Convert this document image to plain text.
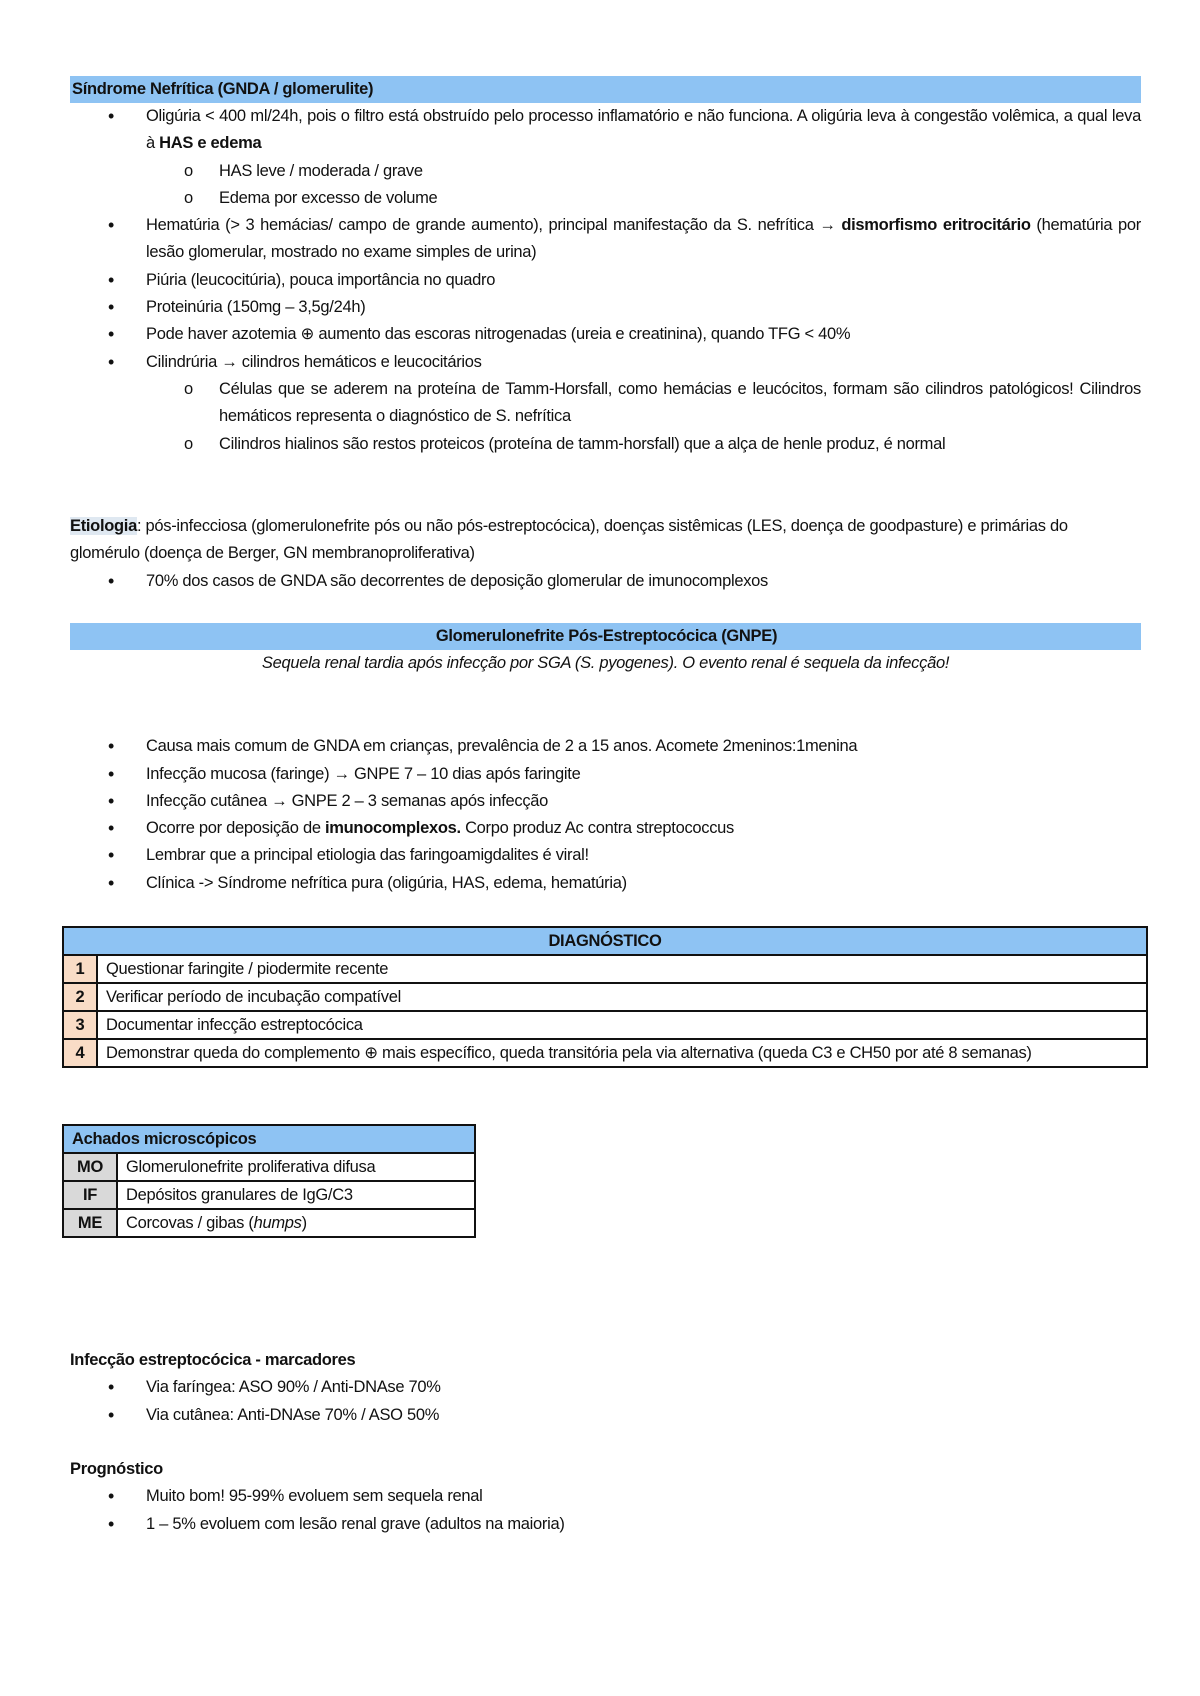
Síndrome Nefrítica (GNDA / glomerulite)
• Oligúria < 400 ml/24h, pois o filtro está obstruído pelo processo inflamatório e não funciona. A oligúria leva à congestão volêmica, a qual leva à HAS e edema
o HAS leve / moderada / grave
o Edema por excesso de volume
• Hematúria (> 3 hemácias/ campo de grande aumento), principal manifestação da S. nefrítica → dismorfismo eritrocitário (hematúria por lesão glomerular, mostrado no exame simples de urina)
• Piúria (leucocitúria), pouca importância no quadro
• Proteinúria (150mg – 3,5g/24h)
• Pode haver azotemia ⊕ aumento das escoras nitrogenadas (ureia e creatinina), quando TFG < 40%
• Cilindrúria → cilindros hemáticos e leucocitários
o Células que se aderem na proteína de Tamm-Horsfall, como hemácias e leucócitos, formam são cilindros patológicos! Cilindros hemáticos representa o diagnóstico de S. nefrítica
o Cilindros hialinos são restos proteicos (proteína de tamm-horsfall) que a alça de henle produz, é normal
Etiologia: pós-infecciosa (glomerulonefrite pós ou não pós-estreptocócica), doenças sistêmicas (LES, doença de goodpasture) e primárias do glomérulo (doença de Berger, GN membranoproliferativa)
• 70% dos casos de GNDA são decorrentes de deposição glomerular de imunocomplexos
Glomerulonefrite Pós-Estreptocócica (GNPE)
Sequela renal tardia após infecção por SGA (S. pyogenes). O evento renal é sequela da infecção!
• Causa mais comum de GNDA em crianças, prevalência de 2 a 15 anos. Acomete 2meninos:1menina
• Infecção mucosa (faringe) → GNPE 7 – 10 dias após faringite
• Infecção cutânea → GNPE 2 – 3 semanas após infecção
• Ocorre por deposição de imunocomplexos. Corpo produz Ac contra streptococcus
• Lembrar que a principal etiologia das faringoamigdalites é viral!
• Clínica -> Síndrome nefrítica pura (oligúria, HAS, edema, hematúria)
DIAGNÓSTICO	
1	Questionar faringite / piodermite recente
2	Verificar período de incubação compatível
3	Documentar infecção estreptocócica
4	Demonstrar queda do complemento ⊕ mais específico, queda transitória pela via alternativa (queda C3 e CH50 por até 8 semanas)
Achados microscópicos	
MO	Glomerulonefrite proliferativa difusa
IF	Depósitos granulares de IgG/C3
ME	Corcovas / gibas (humps)
Infecção estreptocócica - marcadores
• Via faríngea: ASO 90% / Anti-DNAse 70%
• Via cutânea: Anti-DNAse 70% / ASO 50%
Prognóstico
• Muito bom! 95-99% evoluem sem sequela renal
• 1 – 5% evoluem com lesão renal grave (adultos na maioria)
